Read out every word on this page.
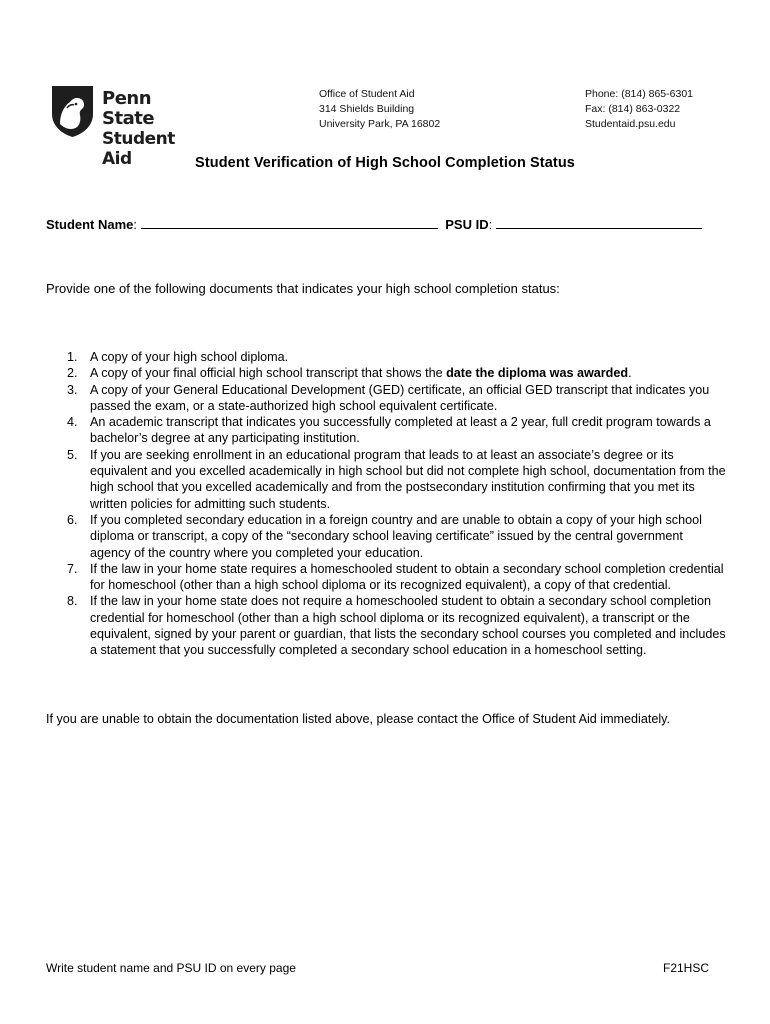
Penn State
Student Aid
Office of Student Aid
314 Shields Building
University Park, PA 16802
Phone: (814) 865-6301
Fax: (814) 863-0322
Studentaid.psu.edu
Student Verification of High School Completion Status
Student Name:	PSU ID:
Provide one of the following documents that indicates your high school completion status:
1. A copy of your high school diploma.
2. A copy of your final official high school transcript that shows the date the diploma was awarded.
3. A copy of your General Educational Development (GED) certificate, an official GED transcript that indicates you passed the exam, or a state-authorized high school equivalent certificate.
4. An academic transcript that indicates you successfully completed at least a 2 year, full credit program towards a bachelor’s degree at any participating institution.
5. If you are seeking enrollment in an educational program that leads to at least an associate’s degree or its equivalent and you excelled academically in high school but did not complete high school, documentation from the high school that you excelled academically and from the postsecondary institution confirming that you met its written policies for admitting such students.
6. If you completed secondary education in a foreign country and are unable to obtain a copy of your high school diploma or transcript, a copy of the “secondary school leaving certificate” issued by the central government agency of the country where you completed your education.
7. If the law in your home state requires a homeschooled student to obtain a secondary school completion credential for homeschool (other than a high school diploma or its recognized equivalent), a copy of that credential.
8. If the law in your home state does not require a homeschooled student to obtain a secondary school completion credential for homeschool (other than a high school diploma or its recognized equivalent), a transcript or the equivalent, signed by your parent or guardian, that lists the secondary school courses you completed and includes a statement that you successfully completed a secondary school education in a homeschool setting.
If you are unable to obtain the documentation listed above, please contact the Office of Student Aid immediately.
Write student name and PSU ID on every page	F21HSC
